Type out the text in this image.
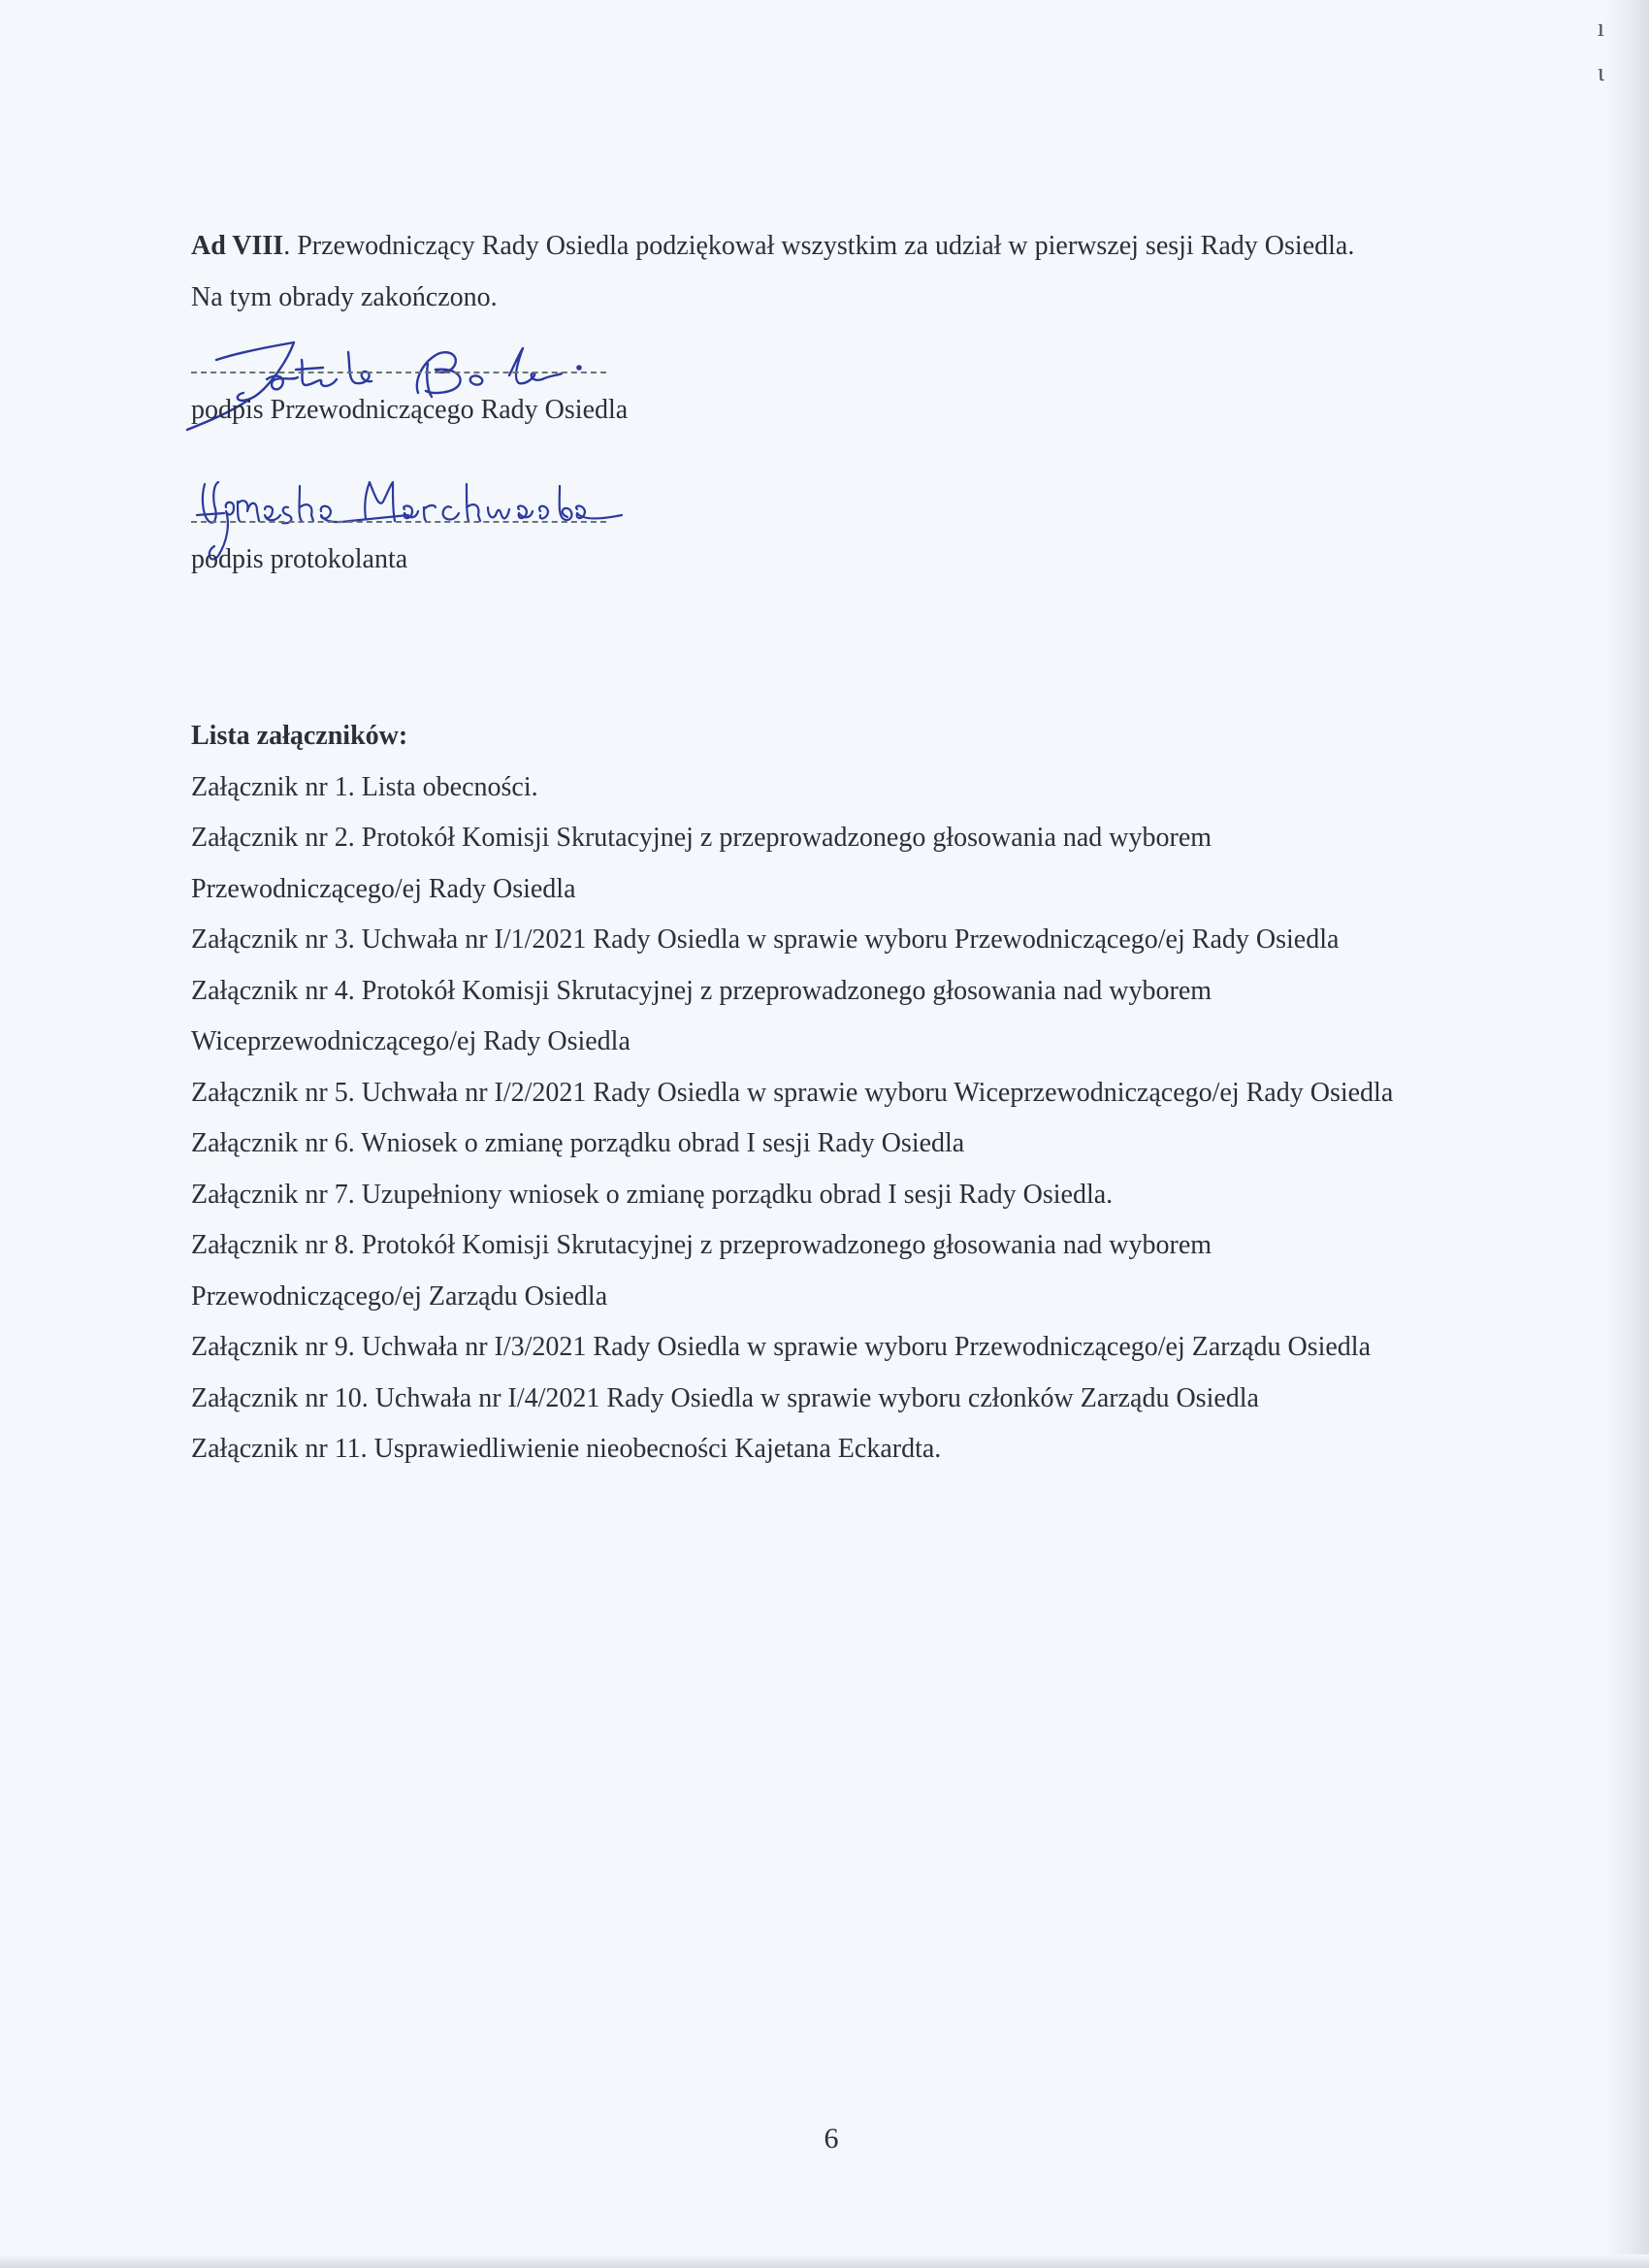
ı
ɩ

Ad VIII. Przewodniczący Rady Osiedla podziękował wszystkim za udział w pierwszej sesji Rady Osiedla.

Na tym obrady zakończono.

podpis Przewodniczącego Rady Osiedla

podpis protokolanta

Lista załączników:

Załącznik nr 1. Lista obecności.

Załącznik nr 2. Protokół Komisji Skrutacyjnej z przeprowadzonego głosowania nad wyborem Przewodniczącego/ej Rady Osiedla

Załącznik nr 3. Uchwała nr I/1/2021 Rady Osiedla w sprawie wyboru Przewodniczącego/ej Rady Osiedla

Załącznik nr 4. Protokół Komisji Skrutacyjnej z przeprowadzonego głosowania nad wyborem Wiceprzewodniczącego/ej Rady Osiedla

Załącznik nr 5. Uchwała nr I/2/2021 Rady Osiedla w sprawie wyboru Wiceprzewodniczącego/ej Rady Osiedla

Załącznik nr 6. Wniosek o zmianę porządku obrad I sesji Rady Osiedla

Załącznik nr 7. Uzupełniony wniosek o zmianę porządku obrad I sesji Rady Osiedla.

Załącznik nr 8. Protokół Komisji Skrutacyjnej z przeprowadzonego głosowania nad wyborem Przewodniczącego/ej Zarządu Osiedla

Załącznik nr 9. Uchwała nr I/3/2021 Rady Osiedla w sprawie wyboru Przewodniczącego/ej Zarządu Osiedla

Załącznik nr 10. Uchwała nr I/4/2021 Rady Osiedla w sprawie wyboru członków Zarządu Osiedla

Załącznik nr 11. Usprawiedliwienie nieobecności Kajetana Eckardta.

6
